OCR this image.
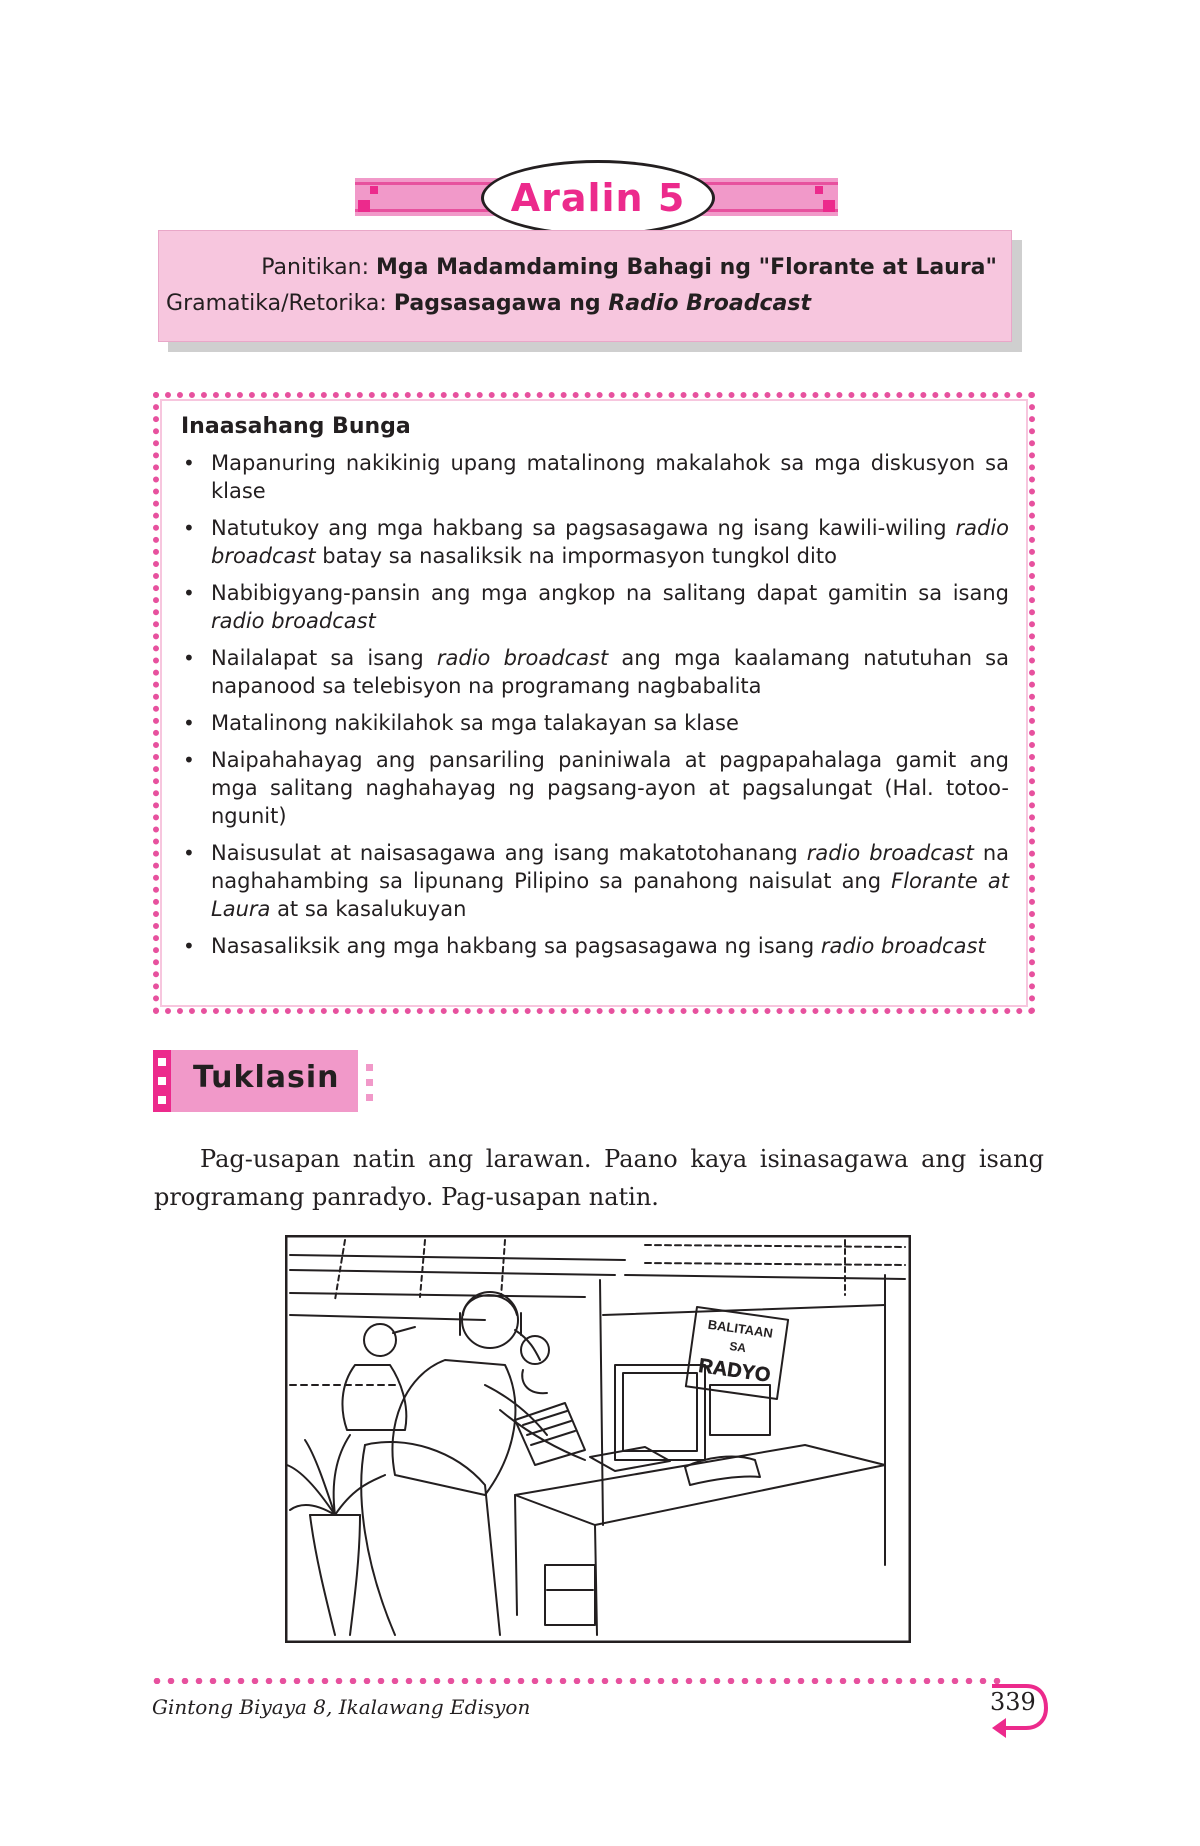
Aralin 5
Panitikan: Mga Madamdaming Bahagi ng "Florante at Laura"
Gramatika/Retorika: Pagsasagawa ng Radio Broadcast
Inaasahang Bunga
• Mapanuring nakikinig upang matalinong makalahok sa mga diskusyon sa klase
• Natutukoy ang mga hakbang sa pagsasagawa ng isang kawili-wiling radio broadcast batay sa nasaliksik na impormasyon tungkol dito
• Nabibigyang-pansin ang mga angkop na salitang dapat gamitin sa isang radio broadcast
• Nailalapat sa isang radio broadcast ang mga kaalamang natutuhan sa napanood sa telebisyon na programang nagbabalita
• Matalinong nakikilahok sa mga talakayan sa klase
• Naipahahayag ang pansariling paniniwala at pagpapahalaga gamit ang mga salitang naghahayag ng pagsang-ayon at pagsalungat (Hal. totoo-ngunit)
• Naisusulat at naisasagawa ang isang makatotohanang radio broadcast na naghahambing sa lipunang Pilipino sa panahong naisulat ang Florante at Laura at sa kasalukuyan
• Nasasaliksik ang mga hakbang sa pagsasagawa ng isang radio broadcast
Tuklasin

Pag-usapan natin ang larawan. Paano kaya isinasagawa ang isang programang panradyo. Pag-usapan natin.

BALITAAN
SA
RADYO
Gintong Biyaya 8, Ikalawang Edisyon	339
